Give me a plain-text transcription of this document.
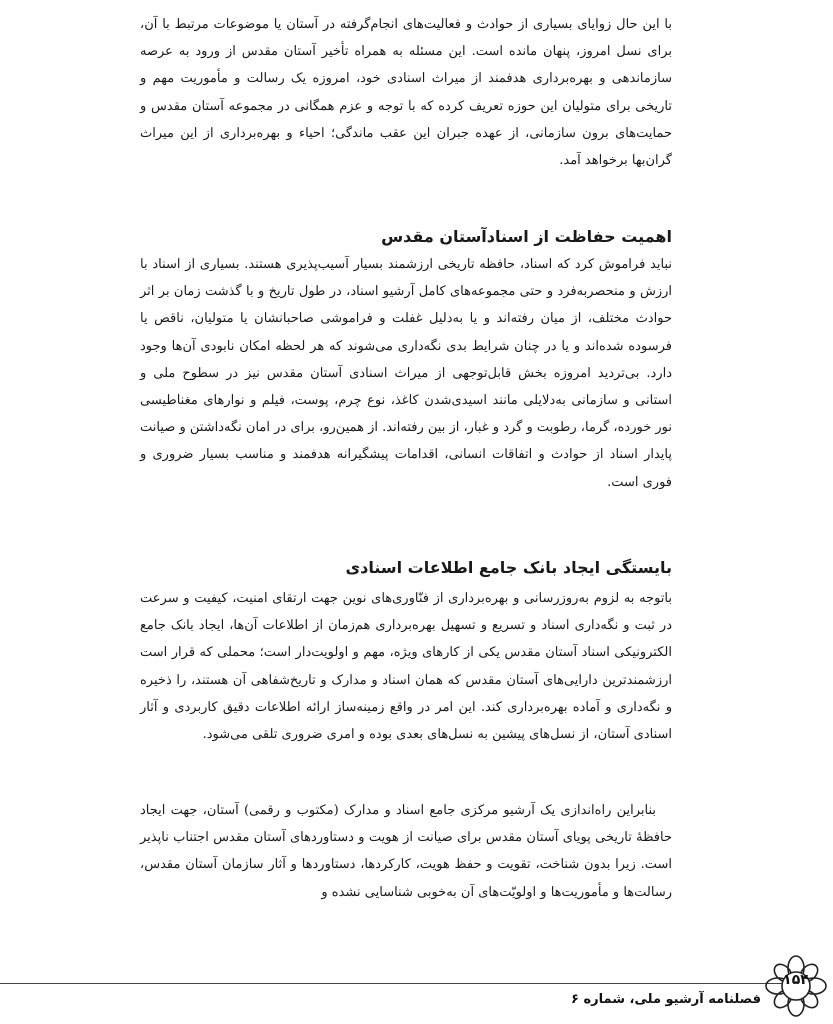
با این حال زوایای بسیاری از حوادث و فعالیت‌های انجام‌گرفته در آستان یا موضوعات مرتبط با آن، برای نسل امروز، پنهان مانده است. این مسئله به همراه تأخیر آستان مقدس از ورود به عرصه سازماندهی و بهره‌برداری هدفمند از میراث اسنادی خود، امروزه یک رسالت و مأموریت مهم و تاریخی برای متولیان این حوزه تعریف کرده که با توجه و عزم همگانی در مجموعه آستان مقدس و حمایت‌های برون سازمانی، از عهده جبران این عقب ماندگی؛ احیاء و بهره‌برداری از این میراث گران‌بها برخواهد آمد.

اهمیت حفاظت از اسنادآستان مقدس

نباید فراموش کرد که اسناد، حافظه تاریخی ارزشمند بسیار آسیب‌پذیری هستند. بسیاری از اسناد با ارزش و منحصربه‌فرد و حتی مجموعه‌های کامل آرشیو اسناد، در طول تاریخ و با گذشت زمان بر اثر حوادث مختلف، از میان رفته‌اند و یا به‌دلیل غفلت و فراموشی صاحبانشان یا متولیان، ناقص یا فرسوده شده‌اند و یا در چنان شرایط بدی نگه‌داری می‌شوند که هر لحظه امکان نابودی آن‌ها وجود دارد. بی‌تردید امروزه بخش قابل‌توجهی از میراث اسنادی آستان مقدس نیز در سطوح ملی و استانی و سازمانی به‌دلایلی مانند اسیدی‌شدن کاغذ، نوع چرم، پوست، فیلم و نوارهای مغناطیسی نور خورده، گرما، رطوبت و گرد و غبار، از بین رفته‌اند. از همین‌رو، برای در امان نگه‌داشتن و صیانت پایدار اسناد از حوادث و اتفاقات انسانی، اقدامات پیشگیرانه هدفمند و مناسب بسیار ضروری و فوری است.

بایستگی ایجاد بانک جامع اطلاعات اسنادی

باتوجه به لزوم به‌روزرسانی و بهره‌برداری از فنّاوری‌های نوین جهت ارتقای امنیت، کیفیت و سرعت در ثبت و نگه‌داری اسناد و تسریع و تسهیل بهره‌برداری هم‌زمان از اطلاعات آن‌ها، ایجاد بانک جامع الکترونیکی اسناد آستان مقدس یکی از کارهای ویژه، مهم و اولویت‌دار است؛ محملی که قرار است ارزشمندترین دارایی‌های آستان مقدس که همان اسناد و مدارک و تاریخ‌شفاهی آن هستند، را ذخیره و نگه‌داری و آماده بهره‌برداری کند. این امر در واقع زمینه‌ساز ارائه اطلاعات دقیق کاربردی و آثار اسنادی آستان، از نسل‌های پیشین به نسل‌های بعدی بوده و امری ضروری تلقی می‌شود.

بنابراین راه‌اندازی یک آرشیو مرکزی جامع اسناد و مدارک (مکتوب و رقمی) آستان، جهت ایجاد حافظهٔ تاریخی پویای آستان مقدس برای صیانت از هویت و دستاوردهای آستان مقدس اجتناب ناپذیر است. زیرا بدون شناخت، تقویت و حفظ هویت، کارکردها، دستاوردها و آثار سازمان آستان مقدس، رسالت‌ها و مأموریت‌ها و اولویّت‌های آن به‌خوبی شناسایی نشده و

فصلنامه آرشیو ملی، شماره ۶
۱۵۴
